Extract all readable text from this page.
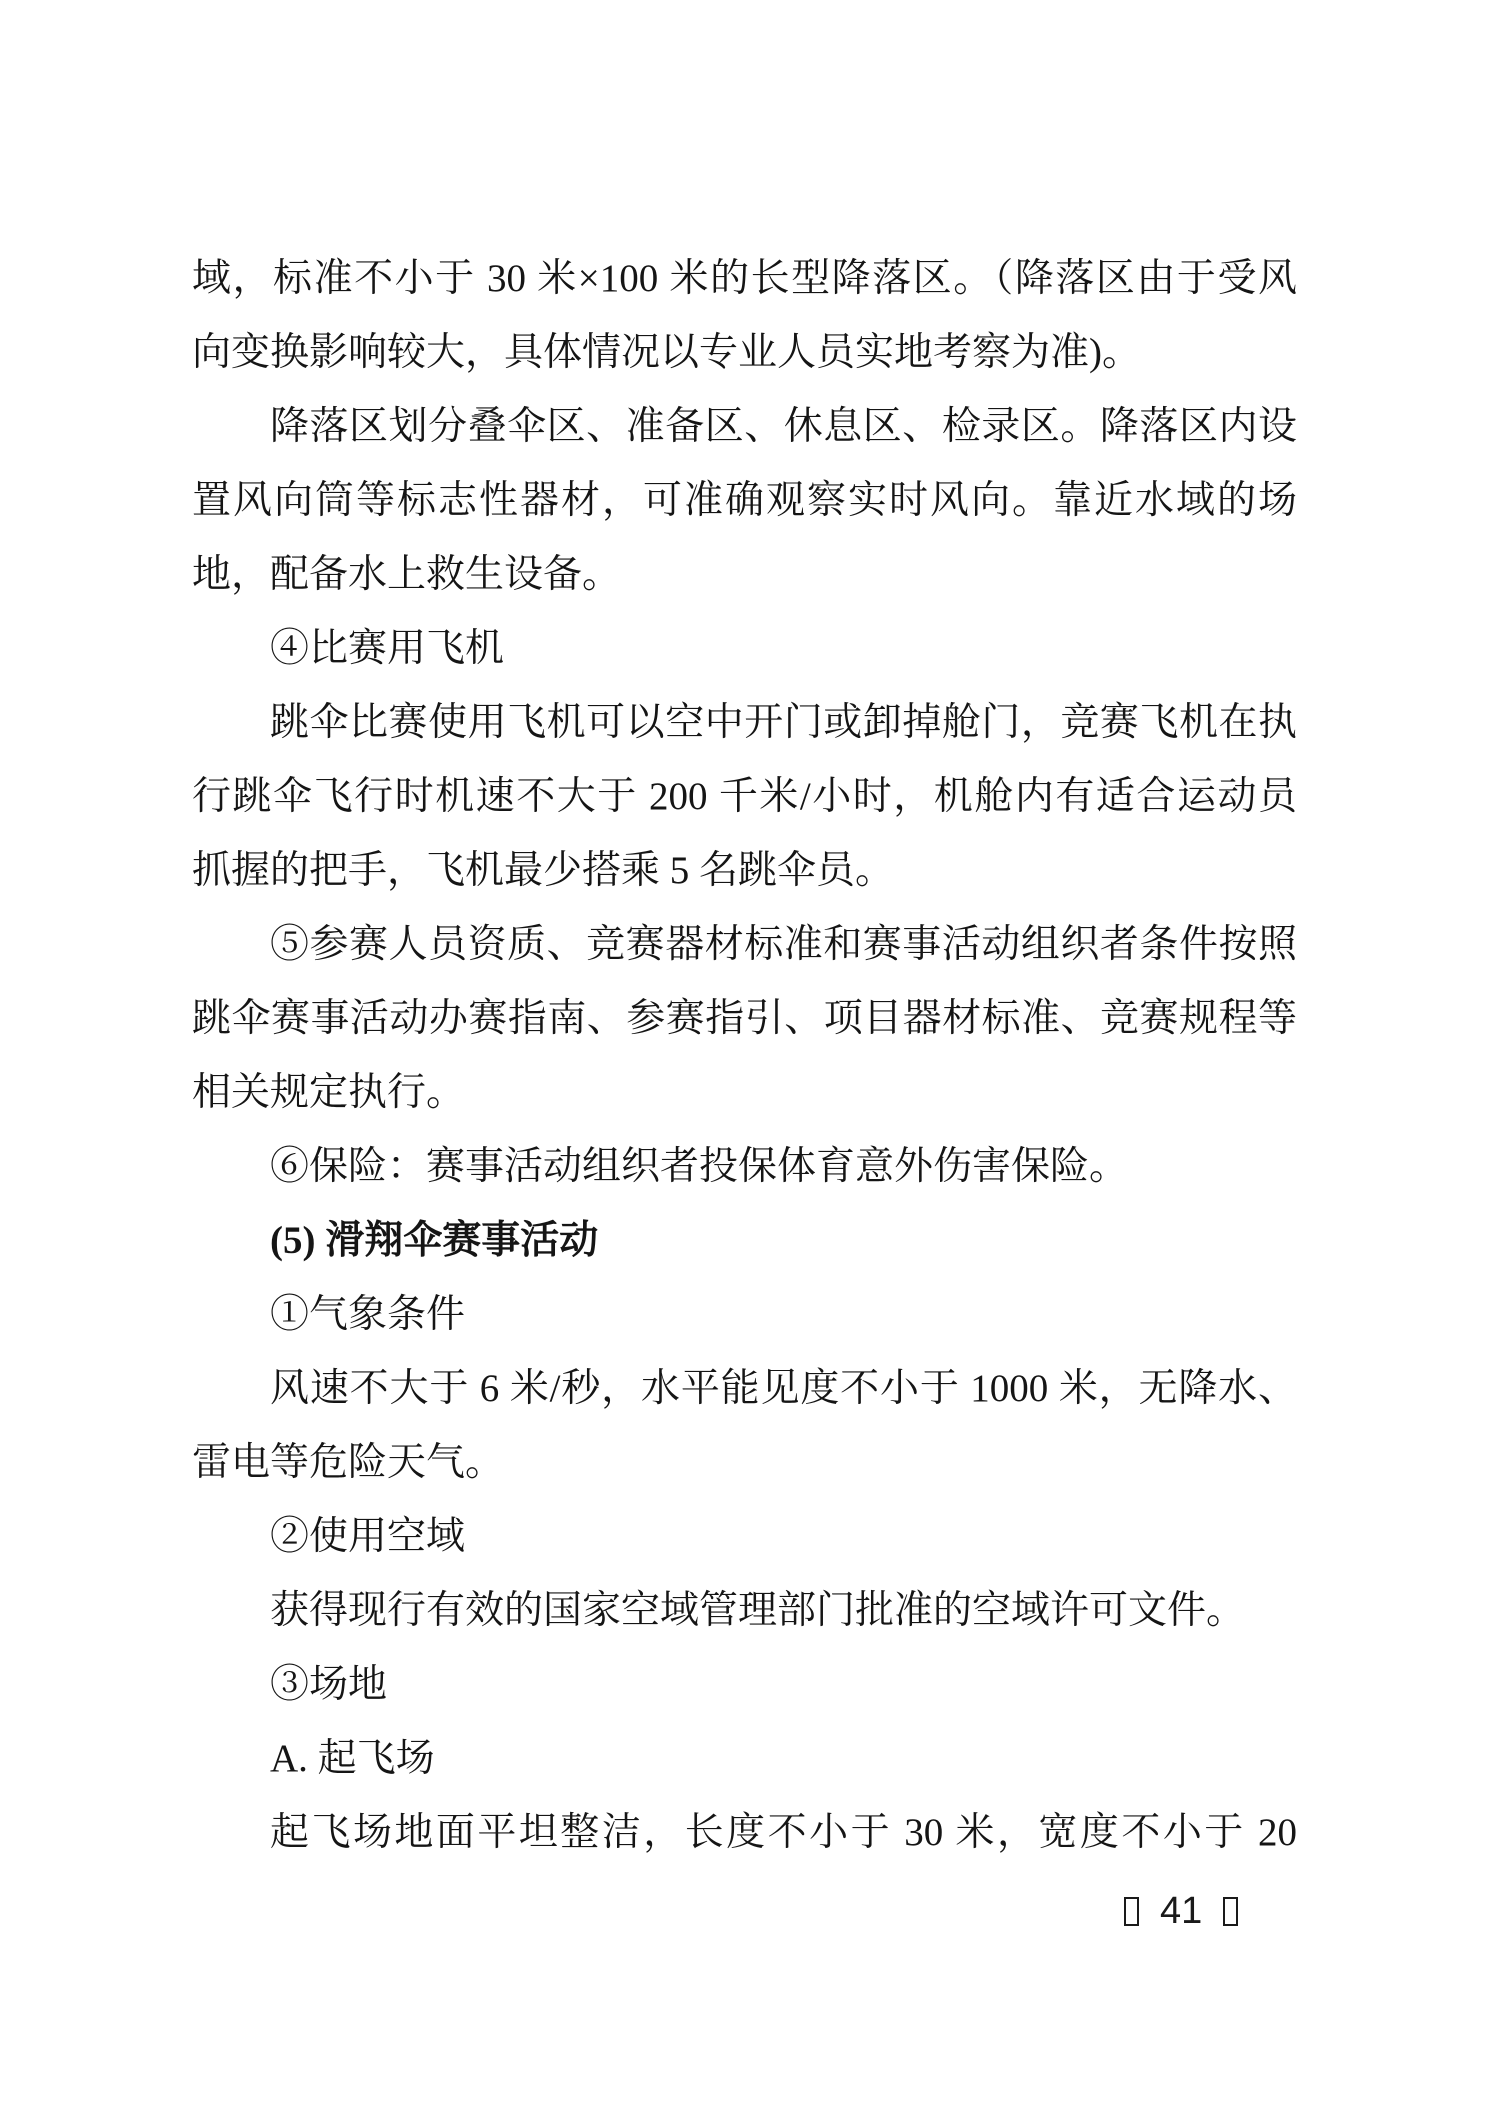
域，标准不小于 30 米×100 米的长型降落区。（降落区由于受风
向变换影响较大，具体情况以专业人员实地考察为准)。
降落区划分叠伞区、准备区、休息区、检录区。降落区内设
置风向筒等标志性器材，可准确观察实时风向。靠近水域的场
地，配备水上救生设备。
④比赛用飞机
跳伞比赛使用飞机可以空中开门或卸掉舱门，竞赛飞机在执
行跳伞飞行时机速不大于 200 千米/小时，机舱内有适合运动员
抓握的把手，飞机最少搭乘 5 名跳伞员。
⑤参赛人员资质、竞赛器材标准和赛事活动组织者条件按照
跳伞赛事活动办赛指南、参赛指引、项目器材标准、竞赛规程等
相关规定执行。
⑥保险：赛事活动组织者投保体育意外伤害保险。
(5) 滑翔伞赛事活动
①气象条件
风速不大于 6 米/秒，水平能见度不小于 1000 米，无降水、
雷电等危险天气。
②使用空域
获得现行有效的国家空域管理部门批准的空域许可文件。
③场地
A. 起飞场
起飞场地面平坦整洁，长度不小于 30 米，宽度不小于 20
41
